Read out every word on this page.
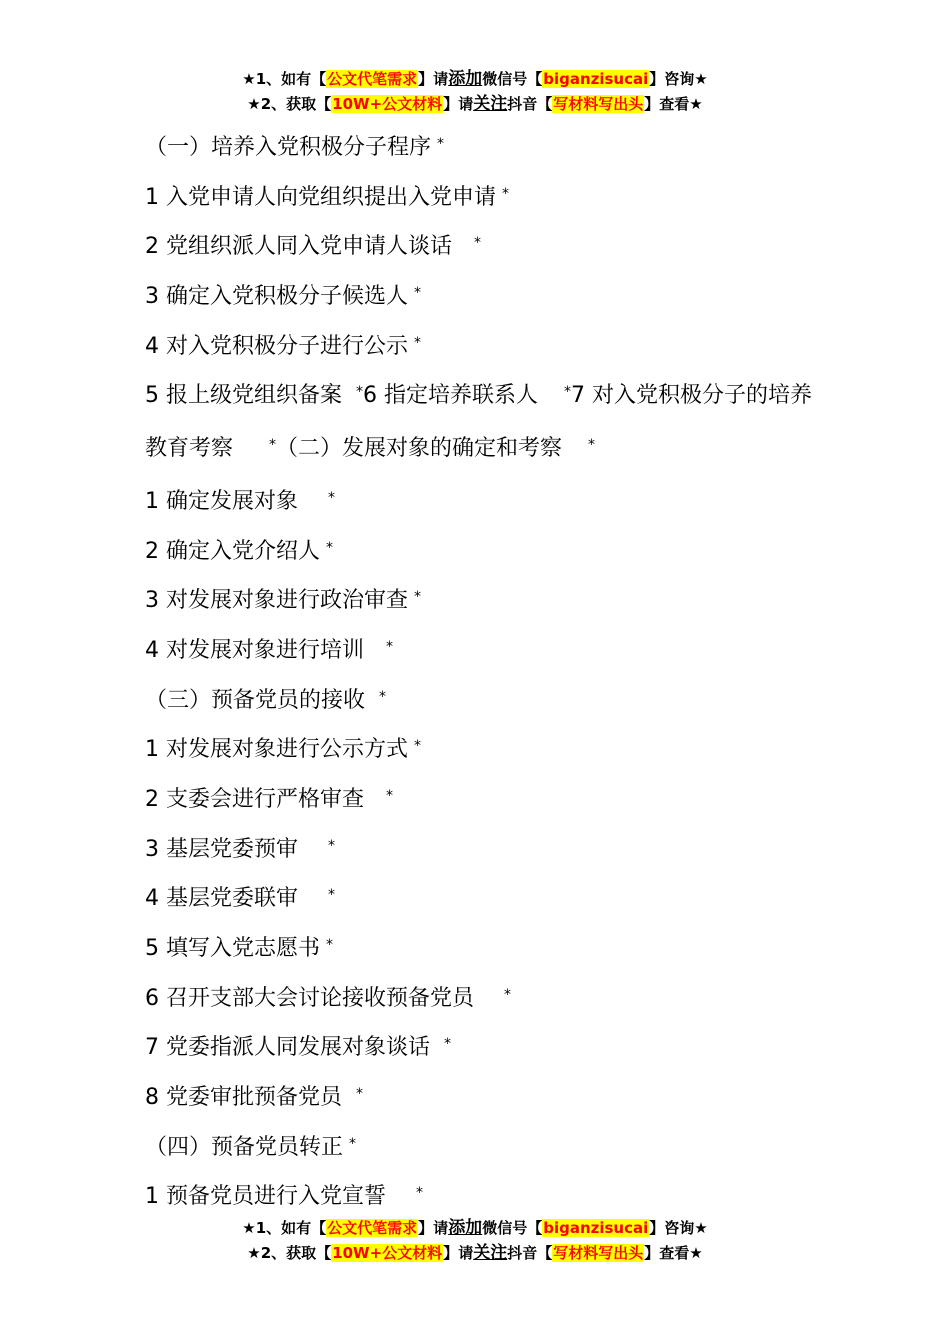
★1、如有【公文代笔需求】请添加微信号【biganzisucai】咨询★
★2、获取【10W+公文材料】请关注抖音【写材料写出头】查看★
（一）培养入党积极分子程序 *
1 入党申请人向党组织提出入党申请 *
2 党组织派人同入党申请人谈话 *
3 确定入党积极分子候选人 *
4 对入党积极分子进行公示 *
5 报上级党组织备案 *6 指定培养联系人 *7 对入党积极分子的培养教育考察	*（二）发展对象的确定和考察 *
1 确定发展对象 *
2 确定入党介绍人 *
3 对发展对象进行政治审查 *
4 对发展对象进行培训 *
（三）预备党员的接收 *
1 对发展对象进行公示方式 *
2 支委会进行严格审查 *
3 基层党委预审 *
4 基层党委联审 *
5 填写入党志愿书 *
6 召开支部大会讨论接收预备党员 *
7 党委指派人同发展对象谈话 *
8 党委审批预备党员 *
（四）预备党员转正 *
1 预备党员进行入党宣誓 *
★1、如有【公文代笔需求】请添加微信号【biganzisucai】咨询★
★2、获取【10W+公文材料】请关注抖音【写材料写出头】查看★
